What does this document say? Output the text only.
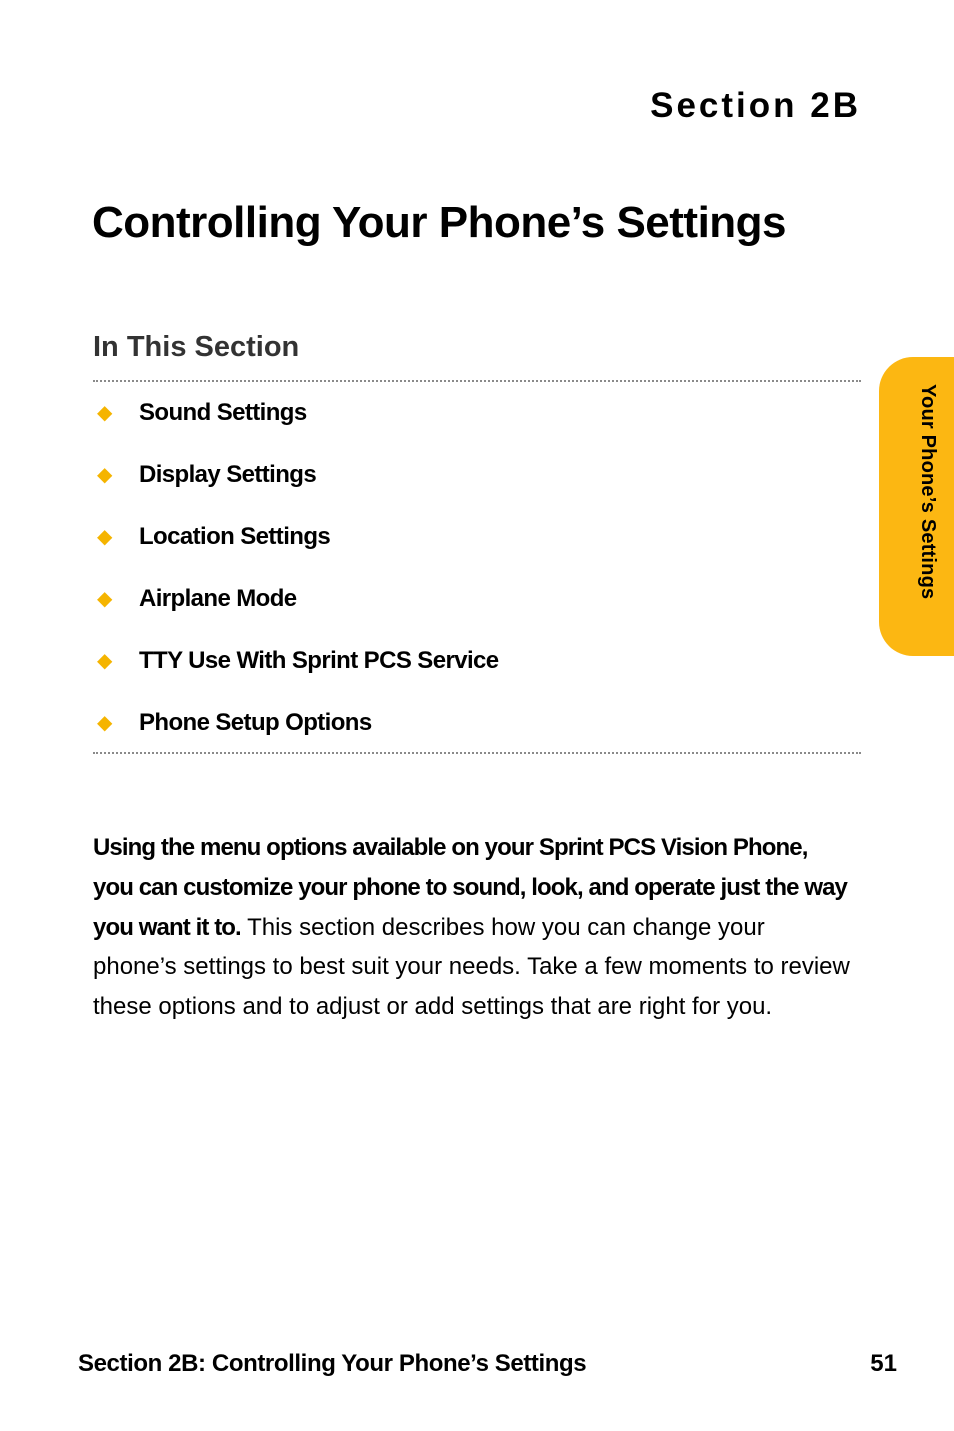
Section 2B
Controlling Your Phone’s Settings
In This Section
◆	Sound Settings
◆	Display Settings
◆	Location Settings
◆	Airplane Mode
◆	TTY Use With Sprint PCS Service
◆	Phone Setup Options

Using the menu options available on your Sprint PCS Vision Phone, you can customize your phone to sound, look, and operate just the way you want it to. This section describes how you can change your phone’s settings to best suit your needs. Take a few moments to review these options and to adjust or add settings that are right for you.

Your Phone’s Settings
Section 2B: Controlling Your Phone’s Settings	51
